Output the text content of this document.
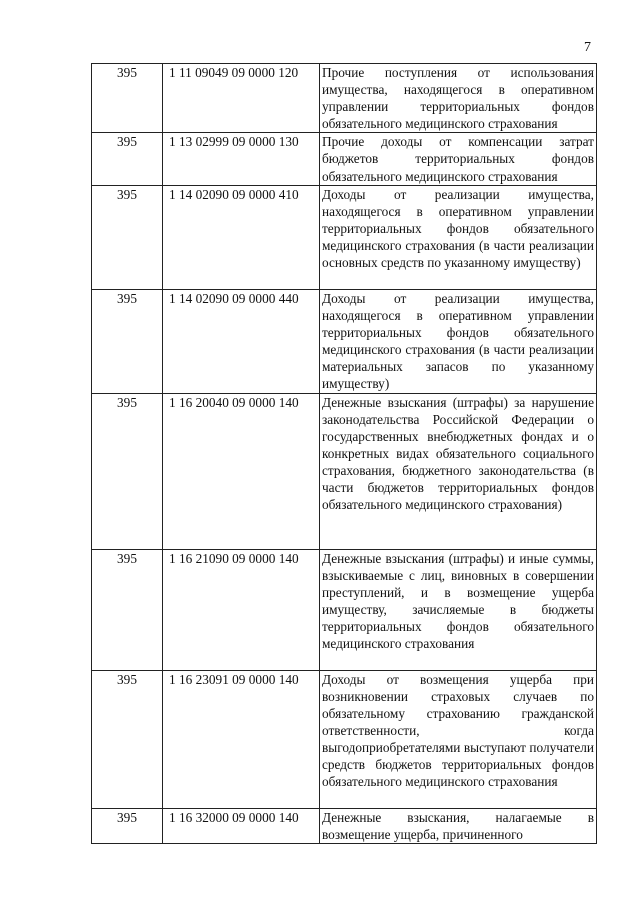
7
395	1 11 09049 09 0000 120	Прочие поступления от использования имущества, находящегося в оперативном управлении территориальных фондов обязательного медицинского страхования
395	1 13 02999 09 0000 130	Прочие доходы от компенсации затрат бюджетов территориальных фондов обязательного медицинского страхования
395	1 14 02090 09 0000 410	Доходы от реализации имущества, находящегося в оперативном управлении территориальных фондов обязательного медицинского страхования (в части реализации основных средств по указанному имуществу)
395	1 14 02090 09 0000 440	Доходы от реализации имущества, находящегося в оперативном управлении территориальных фондов обязательного медицинского страхования (в части реализации материальных запасов по указанному имуществу)
395	1 16 20040 09 0000 140	Денежные взыскания (штрафы) за нарушение законодательства Российской Федерации о государственных внебюджетных фондах и о конкретных видах обязательного социального страхования, бюджетного законодательства (в части бюджетов территориальных фондов обязательного медицинского страхования)
395	1 16 21090 09 0000 140	Денежные взыскания (штрафы) и иные суммы, взыскиваемые с лиц, виновных в совершении преступлений, и в возмещение ущерба имуществу, зачисляемые в бюджеты территориальных фондов обязательного медицинского страхования
395	1 16 23091 09 0000 140	Доходы от возмещения ущерба при возникновении страховых случаев по обязательному страхованию гражданской ответственности, когда выгодоприобретателями выступают получатели средств бюджетов территориальных фондов обязательного медицинского страхования
395	1 16 32000 09 0000 140	Денежные взыскания, налагаемые в возмещение ущерба, причиненного
